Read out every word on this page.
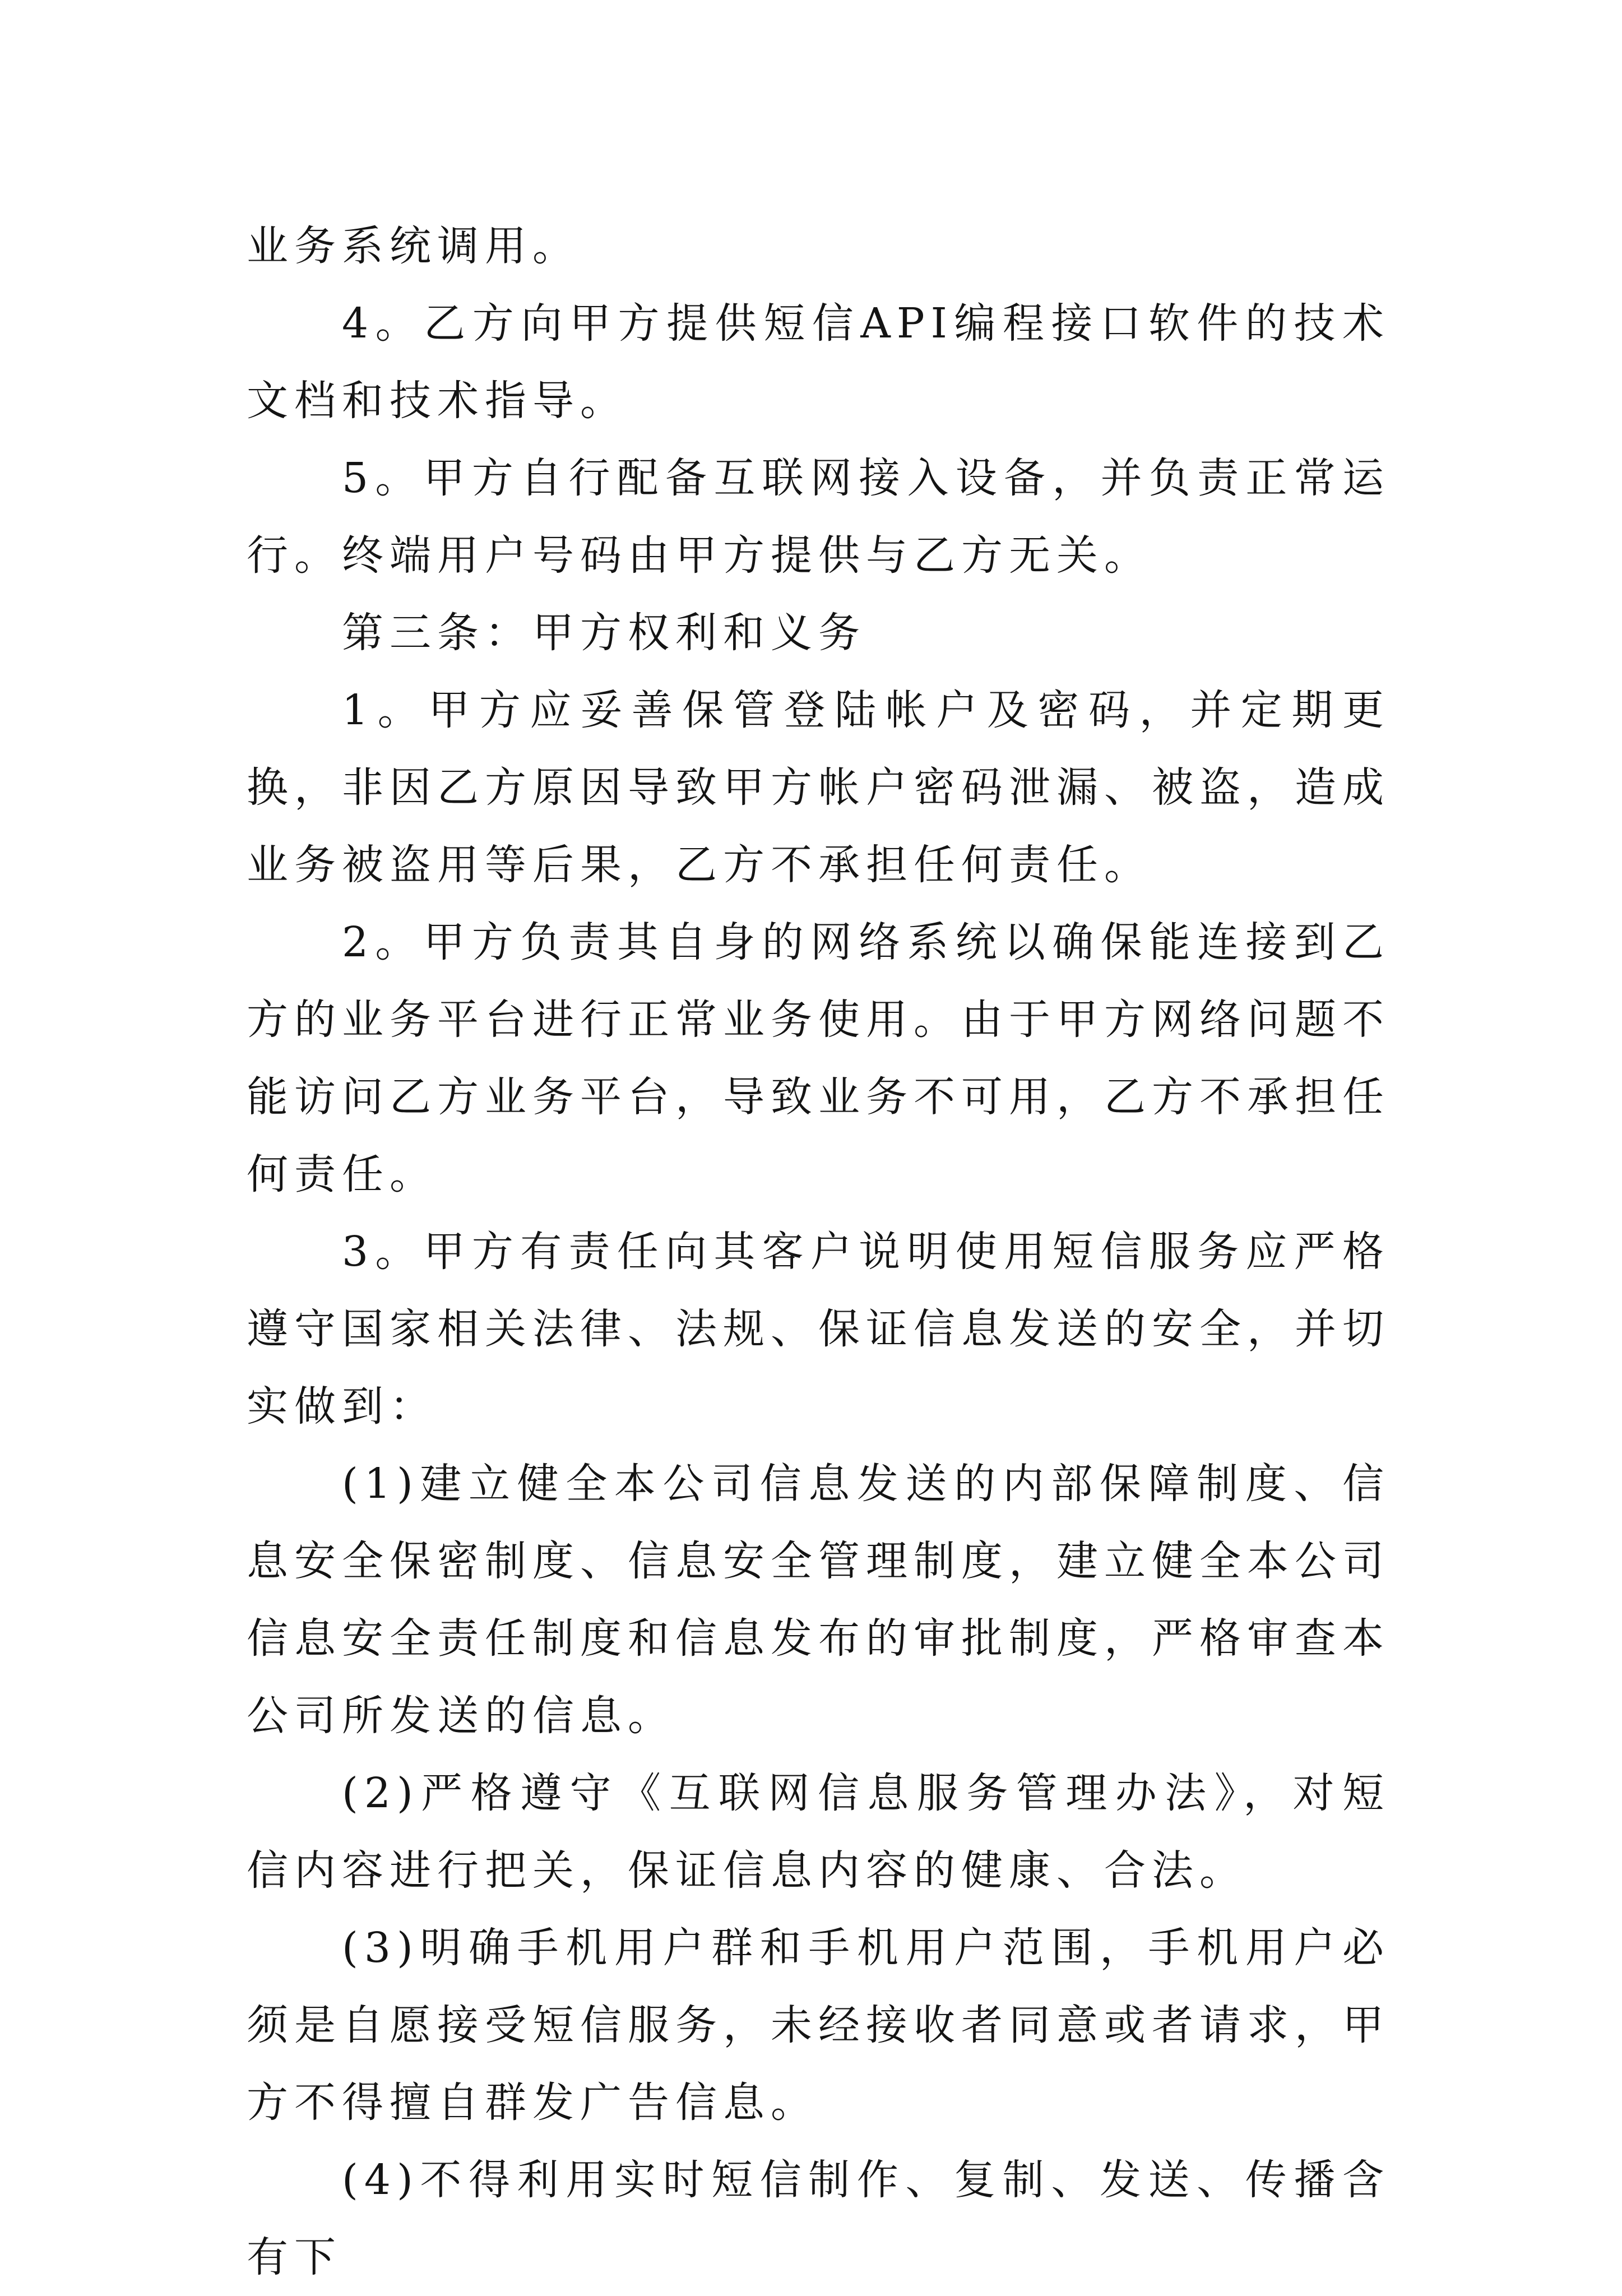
业务系统调用。

4。乙方向甲方提供短信API编程接口软件的技术文档和技术指导。

5。甲方自行配备互联网接入设备，并负责正常运行。终端用户号码由甲方提供与乙方无关。

第三条：甲方权利和义务

1。甲方应妥善保管登陆帐户及密码，并定期更换，非因乙方原因导致甲方帐户密码泄漏、被盗，造成业务被盗用等后果，乙方不承担任何责任。

2。甲方负责其自身的网络系统以确保能连接到乙方的业务平台进行正常业务使用。由于甲方网络问题不能访问乙方业务平台，导致业务不可用，乙方不承担任何责任。

3。甲方有责任向其客户说明使用短信服务应严格遵守国家相关法律、法规、保证信息发送的安全，并切实做到：

(1)建立健全本公司信息发送的内部保障制度、信息安全保密制度、信息安全管理制度，建立健全本公司信息安全责任制度和信息发布的审批制度，严格审查本公司所发送的信息。

(2)严格遵守《互联网信息服务管理办法》，对短信内容进行把关，保证信息内容的健康、合法。

(3)明确手机用户群和手机用户范围，手机用户必须是自愿接受短信服务，未经接收者同意或者请求，甲方不得擅自群发广告信息。

(4)不得利用实时短信制作、复制、发送、传播含有下
